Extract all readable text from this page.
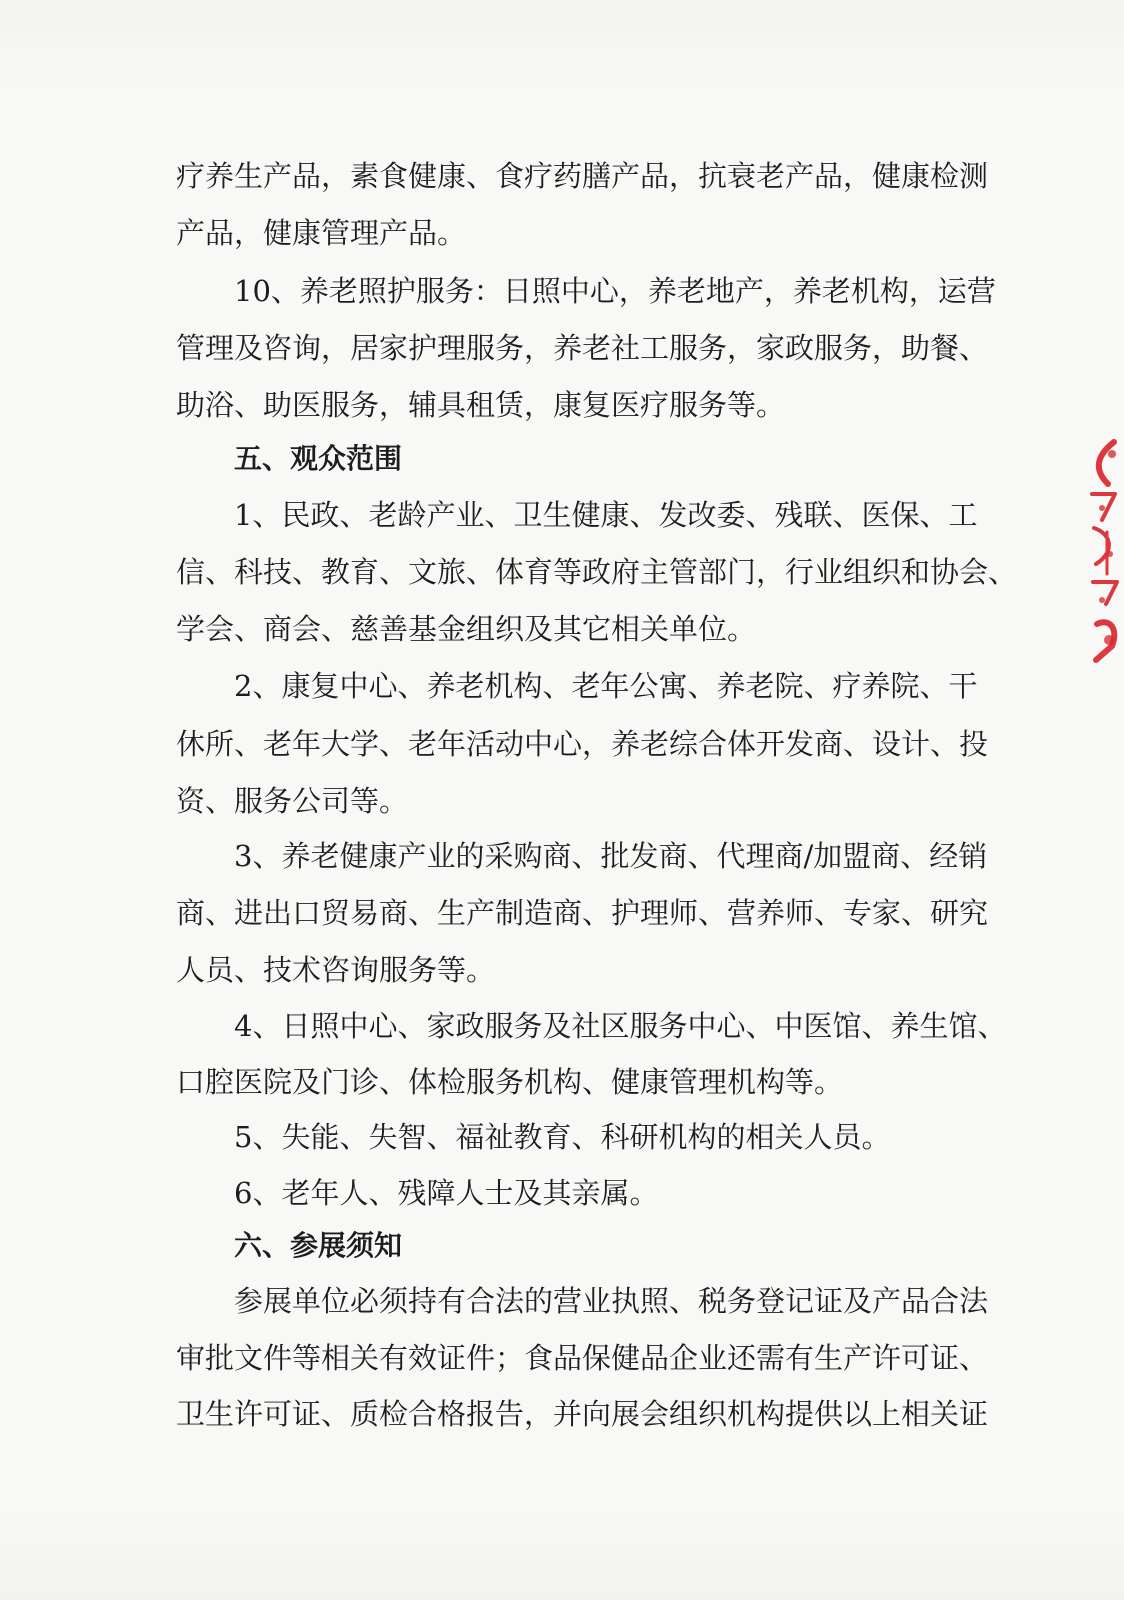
疗养生产品，素食健康、食疗药膳产品，抗衰老产品，健康检测
产品，健康管理产品。
10、养老照护服务：日照中心，养老地产，养老机构，运营
管理及咨询，居家护理服务，养老社工服务，家政服务，助餐、
助浴、助医服务，辅具租赁，康复医疗服务等。
五、观众范围
1、民政、老龄产业、卫生健康、发改委、残联、医保、工
信、科技、教育、文旅、体育等政府主管部门，行业组织和协会、
学会、商会、慈善基金组织及其它相关单位。
2、康复中心、养老机构、老年公寓、养老院、疗养院、干
休所、老年大学、老年活动中心，养老综合体开发商、设计、投
资、服务公司等。
3、养老健康产业的采购商、批发商、代理商/加盟商、经销
商、进出口贸易商、生产制造商、护理师、营养师、专家、研究
人员、技术咨询服务等。
4、日照中心、家政服务及社区服务中心、中医馆、养生馆、
口腔医院及门诊、体检服务机构、健康管理机构等。
5、失能、失智、福祉教育、科研机构的相关人员。
6、老年人、残障人士及其亲属。
六、参展须知
参展单位必须持有合法的营业执照、税务登记证及产品合法
审批文件等相关有效证件；食品保健品企业还需有生产许可证、
卫生许可证、质检合格报告，并向展会组织机构提供以上相关证
